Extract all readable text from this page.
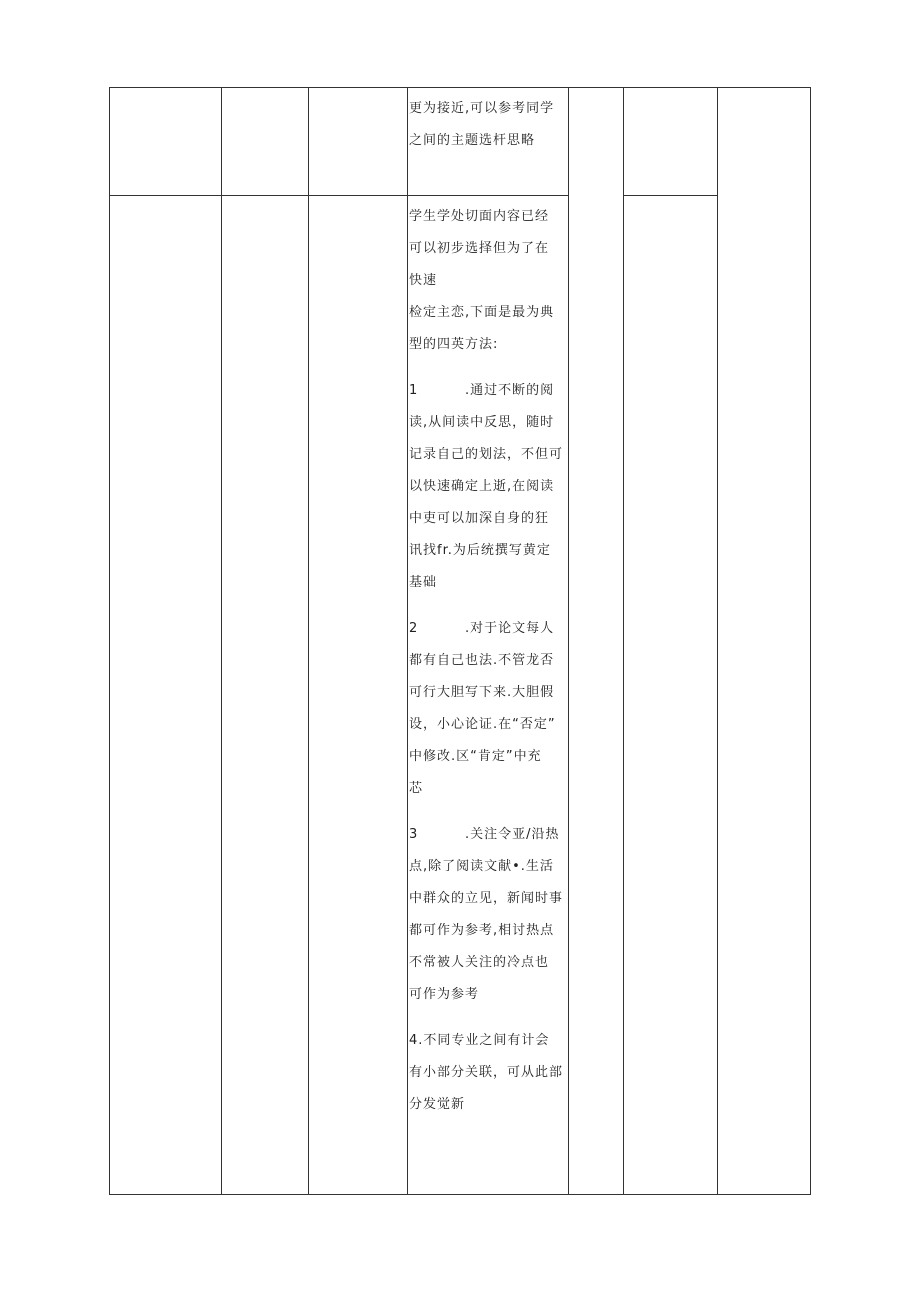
更为接近,可以参考同学

之间的主题选杆思略

学生学处切面内容已经

可以初步选择但为了在

快速

检定主恋,下面是最为典

型的四英方法:

1	.通过不断的阅

读,从间读中反思，随时

记录自己的划法，不但可

以快速确定上逝,在阅读

中吏可以加深自身的狂

讯找fr.为后统撰写黄定

基础

2	.对于论文每人

都有自己也法.不管龙否

可行大胆写下来.大胆假

设，小心论证.在“否定”

中修改.区“肯定”中充

芯

3	.关注令亚/沿热

点,除了阅读文献•.生活

中群众的立见，新闻时事

都可作为参考,相讨热点

不常被人关注的冷点也

可作为参考

4.不同专业之间有计会

有小部分关联，可从此部

分发觉新
